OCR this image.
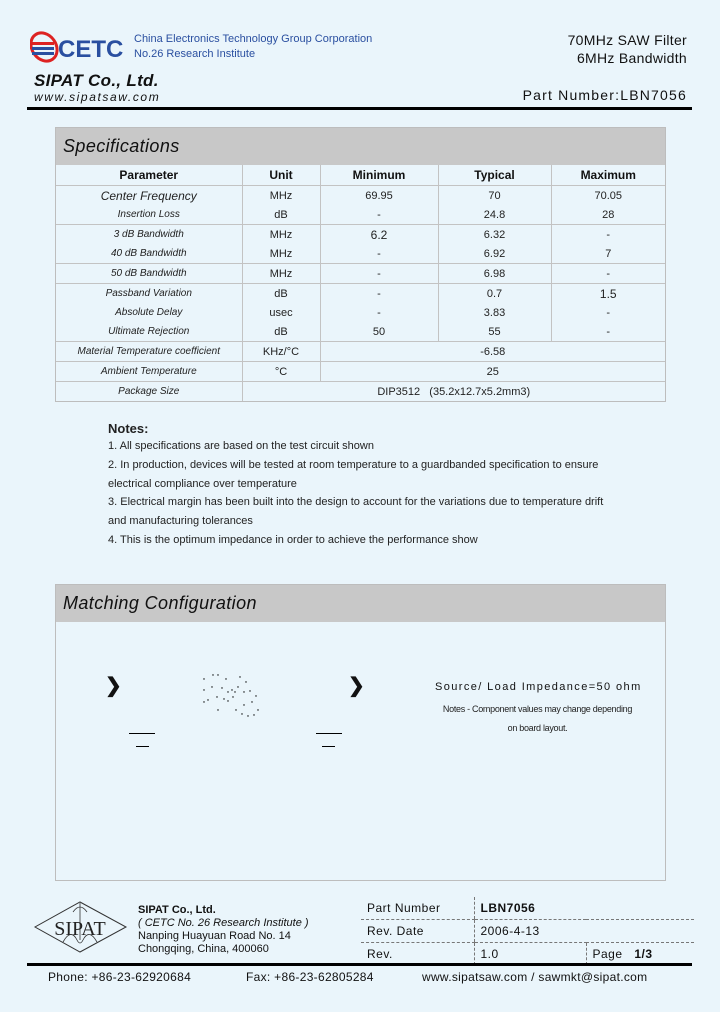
CETC China Electronics Technology Group Corporation
No.26 Research Institute
SIPAT Co., Ltd.
www.sipatsaw.com
70MHz SAW Filter
6MHz Bandwidth
Part Number:LBN7056
Specifications
Parameter	Unit	Minimum	Typical	Maximum
Center Frequency	MHz	69.95	70	70.05
Insertion Loss	dB	-	24.8	28
3 dB Bandwidth	MHz	6.2	6.32	-
40 dB Bandwidth	MHz	-	6.92	7
50 dB Bandwidth	MHz	-	6.98	-
Passband Variation	dB	-	0.7	1.5
Absolute Delay	usec	-	3.83	-
Ultimate Rejection	dB	50	55	-
Material Temperature coefficient	KHz/°C	-6.58		
Ambient Temperature	°C	25		
Package Size	DIP3512   (35.2x12.7x5.2mm3)			
Notes:
1. All specifications are based on the test circuit shown
2. In production, devices will be tested at room temperature to a guardbanded specification to ensure
electrical compliance over temperature
3. Electrical margin has been built into the design to account for the variations due to temperature drift
and manufacturing tolerances
4. This is the optimum impedance in order to achieve the performance show
Matching Configuration
❯	❯	Source/ Load Impedance=50 ohm
Notes - Component values may change depending
on board layout.
SIPAT
SIPAT Co., Ltd.
( CETC No. 26 Research Institute )
Nanping Huayuan Road No. 14
Chongqing, China, 400060
Part Number	LBN7056	
Rev. Date	2006-4-13	
Rev.	1.0	Page 1/3
Phone: +86-23-62920684	Fax: +86-23-62805284	www.sipatsaw.com / sawmkt@sipat.com
